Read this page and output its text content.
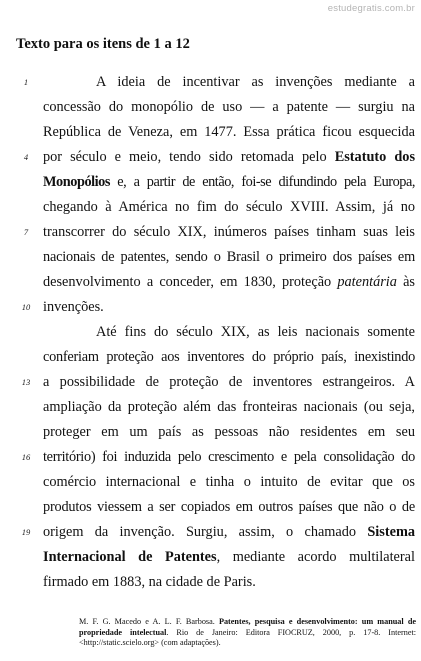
estudegratis.com.br
Texto para os itens de 1 a 12
1	A ideia de incentivar as invenções mediante a
concessão do monopólio de uso — a patente — surgiu na
República de Veneza, em 1477. Essa prática ficou esquecida
4	por século e meio, tendo sido retomada pelo Estatuto dos
Monopólios e, a partir de então, foi-se difundindo pela Europa,
chegando à América no fim do século XVIII. Assim, já no
7	transcorrer do século XIX, inúmeros países tinham suas leis
nacionais de patentes, sendo o Brasil o primeiro dos países em
desenvolvimento a conceder, em 1830, proteção patentária às
10 invenções.
Até fins do século XIX, as leis nacionais somente
conferiam proteção aos inventores do próprio país, inexistindo
13 a possibilidade de proteção de inventores estrangeiros. A
ampliação da proteção além das fronteiras nacionais (ou seja,
proteger em um país as pessoas não residentes em seu
16 território) foi induzida pelo crescimento e pela consolidação do
comércio internacional e tinha o intuito de evitar que os
produtos viessem a ser copiados em outros países que não o de
19 origem da invenção. Surgiu, assim, o chamado Sistema
Internacional de Patentes, mediante acordo multilateral
firmado em 1883, na cidade de Paris.
M. F. G. Macedo e A. L. F. Barbosa. Patentes, pesquisa e desenvolvimento: um manual de propriedade intelectual. Rio de Janeiro: Editora FIOCRUZ, 2000, p. 17-8. Internet: <http://static.scielo.org> (com adaptações).
